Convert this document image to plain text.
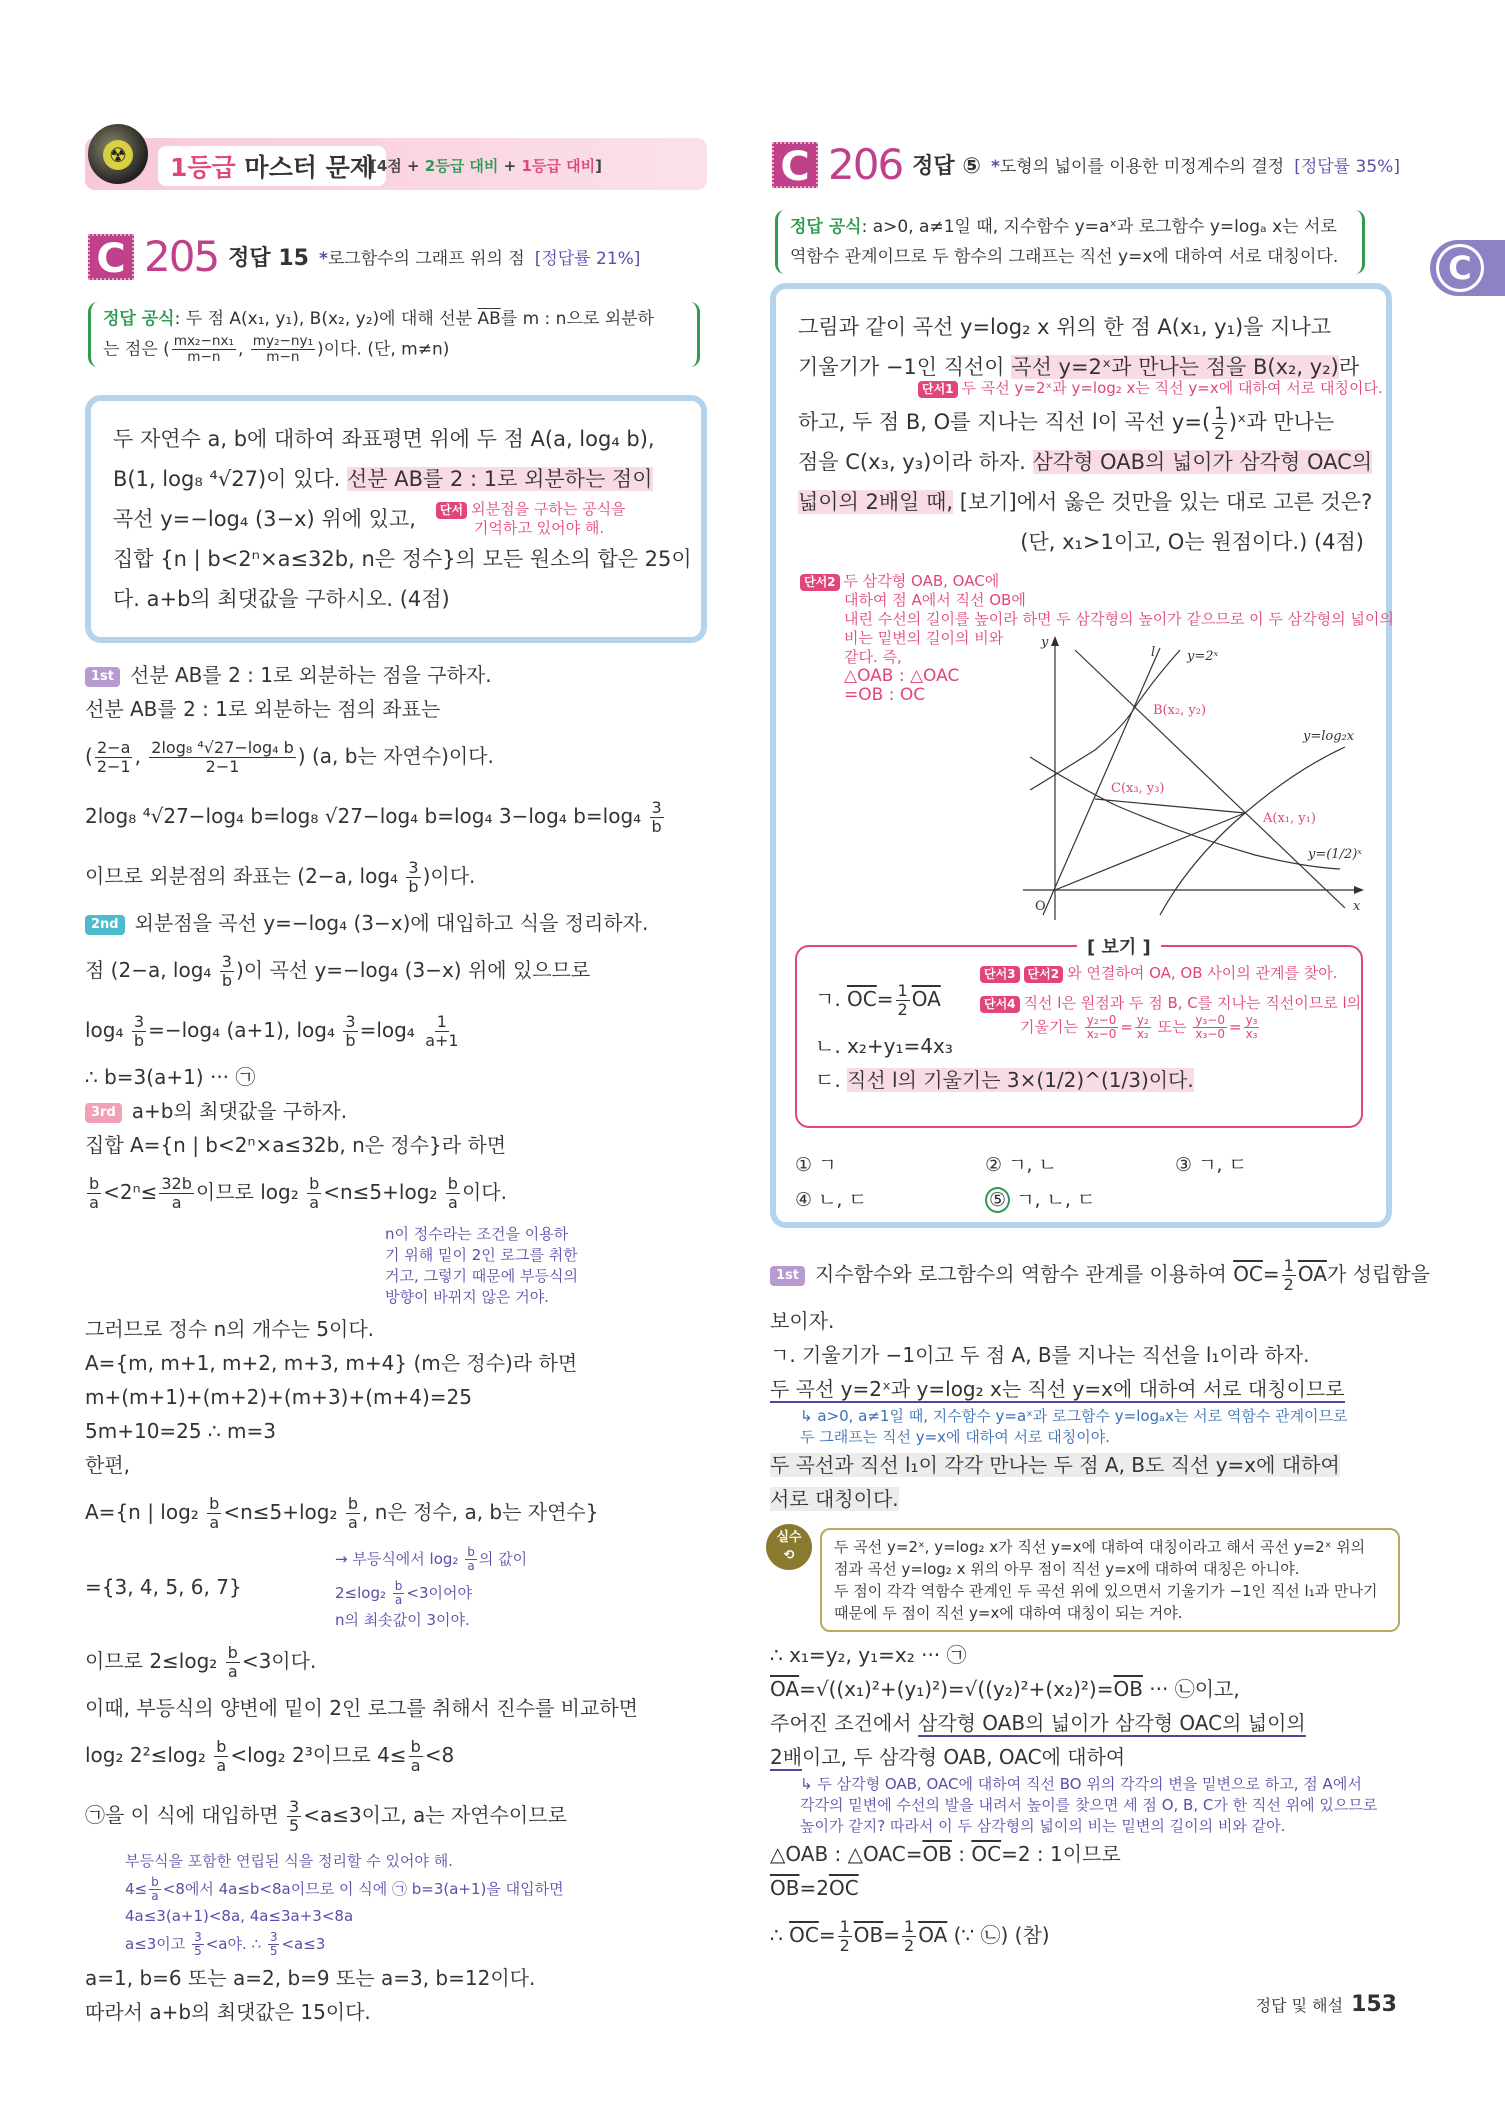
☢	1등급 마스터 문제
[4점 + 2등급 대비 + 1등급 대비]
C 205 정답 15 *로그함수의 그래프 위의 점 [정답률 21%]
정답 공식: 두 점 A(x₁, y₁), B(x₂, y₂)에 대해 선분 $\overline{AB}$를 m : n으로 외분하
는 점은 ( $\frac{\text{mx₂−nx₁}}{m-n}$ , $\frac{\text{my₂−ny₁}}{m-n}$ )이다. (단, m≠n)
두 자연수 a, b에 대하여 좌표평면 위에 두 점 A(a, log₄ b),
B(1, log₈ ⁴√27)이 있다. 선분 AB를 2 : 1로 외분하는 점이
곡선 y=−log₄ (3−x) 위에 있고,	단서 외분점을 구하는 공식을
기억하고 있어야 해.
집합 {n | b<2ⁿ×a≤32b, n은 정수}의 모든 원소의 합은 25이
다. a+b의 최댓값을 구하시오. (4점)
1st 선분 AB를 2 : 1로 외분하는 점을 구하자.
선분 AB를 2 : 1로 외분하는 점의 좌표는
( $\frac{2-a}{2-1}$ , $\frac{\text{2log₈ ⁴√27−log₄ b}}{2-1}$ ) (a, b는 자연수)이다.
2log₈ ⁴√27−log₄ b=log₈ √27−log₄ b=log₄ 3−log₄ $b=\log_4 \frac{3}{b}$
이므로 외분점의 좌표는 (2−a, $\log_4 \frac{3}{b}$ )이다.
2nd 외분점을 곡선 y=−log₄ (3−x)에 대입하고 식을 정리하자.
점 (2−a, $\log_4 \frac{3}{b}$ )이 곡선 y=−log₄ (3−x) 위에 있으므로
$\log_4 \frac{3}{b} =-\log_4$ (a+1), $\log_4 \frac{3}{b} =\log_4 \frac{1}{a+1}$
∴ b=3(a+1) ··· ㉠
3rd a+b의 최댓값을 구하자.
집합 A={n | b<2ⁿ×a≤32b, n은 정수}라 하면
$\frac{b}{a} <2^n\le \frac{32b}{a}$ 이므로 $\log_2 \frac{b}{a} <n\le 5+\log_2 \frac{b}{a}$ 이다.
n이 정수라는 조건을 이용하
기 위해 밑이 2인 로그를 취한
거고, 그렇기 때문에 부등식의
방향이 바뀌지 않은 거야.
그러므로 정수 n의 개수는 5이다.
A={m, m+1, m+2, m+3, m+4} (m은 정수)라 하면
m+(m+1)+(m+2)+(m+3)+(m+4)=25
5m+10=25 ∴ m=3
한편,
A={n | $\log_2 \frac{b}{a} <n\le 5+\log_2 \frac{b}{a}$ , n은 정수, a, b는 자연수}
={3, 4, 5, 6, 7}
→ 부등식에서 $\log_2 \frac{b}{a}$ 의 값이
$2\le\log_2 \frac{b}{a} <3$이어야
n의 최솟값이 3이야.
이므로 $2\le\log_2 \frac{b}{a} <3$이다.
이때, 부등식의 양변에 밑이 2인 로그를 취해서 진수를 비교하면
log₂ $2^2\le\log_2 \frac{b}{a} <\log_2$ 2³이므로 $4\le \frac{b}{a} <8$
㉠을 이 식에 대입하면 $\frac{3}{5} <a\le 3$이고, a는 자연수이므로
부등식을 포함한 연립된 식을 정리할 수 있어야 해.
$4\le \frac{b}{a} <8$에서 4a≤b<8a이므로 이 식에 ㉠ b=3(a+1)을 대입하면
4a≤3(a+1)<8a, 4a≤3a+3<8a
a≤3이고 $\frac{3}{5} <a$야. ∴ $\frac{3}{5} <a\le 3$
a=1, b=6 또는 a=2, b=9 또는 a=3, b=12이다.
따라서 a+b의 최댓값은 15이다.
C 206 정답 ⑤ *도형의 넓이를 이용한 미정계수의 결정 [정답률 35%]
정답 공식: a>0, a≠1일 때, 지수함수 y=aˣ과 로그함수 y=logₐ x는 서로
역함수 관계이므로 두 함수의 그래프는 직선 y=x에 대하여 서로 대칭이다.
그림과 같이 곡선 y=log₂ x 위의 한 점 A(x₁, y₁)을 지나고
기울기가 −1인 직선이 곡선 y=2ˣ과 만나는 점을 B(x₂, y₂)라
단서1 두 곡선 y=2ˣ과 y=log₂ x는 직선 y=x에 대하여 서로 대칭이다.
하고, 두 점 B, O를 지나는 직선 l이 곡선 $y=( \frac{1}{2}$ )ˣ과 만나는
점을 C(x₃, y₃)이라 하자. 삼각형 OAB의 넓이가 삼각형 OAC의
넓이의 2배일 때, [보기]에서 옳은 것만을 있는 대로 고른 것은?
(단, x₁>1이고, O는 원점이다.) (4점)
단서2 두 삼각형 OAB, OAC에
대하여 점 A에서 직선 OB에
내린 수선의 길이를 높이라 하면 두 삼각형의 높이가 같으므로 이 두 삼각형의 넓이의
비는 밑변의 길이의 비와
같다. 즉,
△OAB : △OAC
=OB : OC
y
x
O
l y=2ˣ
y=log₂x
y=(1/2)ˣ
B(x₂, y₂)
C(x₃, y₃)
A(x₁, y₁)
[ 보기 ]
ㄱ. $\overline{OC}= \frac{1}{2} \overline{OA}$
ㄴ. x₂+y₁=4x₃
ㄷ. 직선 l의 기울기는 3×(1/2)^(1/3)이다.
단서3 단서2 와 연결하여 OA, OB 사이의 관계를 찾아.
단서4 직선 l은 원점과 두 점 B, C를 지나는 직선이므로 l의
기울기는 $\frac{\text{y₂−0}}{\text{x₂−0}} = \frac{\text{y₂}}{\text{x₂}}$ 또는 $\frac{\text{y₃−0}}{\text{x₃−0}} = \frac{\text{y₃}}{\text{x₃}}$
① ㄱ	② ㄱ, ㄴ	③ ㄱ, ㄷ
④ ㄴ, ㄷ	⑤ ㄱ, ㄴ, ㄷ
1st 지수함수와 로그함수의 역함수 관계를 이용하여 $\overline{OC}= \frac{1}{2} \overline{OA}$가 성립함을
보이자.
ㄱ. 기울기가 −1이고 두 점 A, B를 지나는 직선을 l₁이라 하자.
두 곡선 y=2ˣ과 y=log₂ x는 직선 y=x에 대하여 서로 대칭이므로
↳ a>0, a≠1일 때, 지수함수 y=aˣ과 로그함수 y=logₐx는 서로 역함수 관계이므로
두 그래프는 직선 y=x에 대하여 서로 대칭이야.
두 곡선과 직선 l₁이 각각 만나는 두 점 A, B도 직선 y=x에 대하여
서로 대칭이다.
실수
⟲	두 곡선 y=2ˣ, y=log₂ x가 직선 y=x에 대하여 대칭이라고 해서 곡선 y=2ˣ 위의
점과 곡선 y=log₂ x 위의 아무 점이 직선 y=x에 대하여 대칭은 아니야.
두 점이 각각 역함수 관계인 두 곡선 위에 있으면서 기울기가 −1인 직선 l₁과 만나기
때문에 두 점이 직선 y=x에 대하여 대칭이 되는 거야.
∴ x₁=y₂, y₁=x₂ ··· ㉠
$\overline{OA}=√((x_1)^2+(y_1)^2)=√((y_2)^2+(x_2)^2)=\overline{OB}$ ··· ㉡이고,
주어진 조건에서 삼각형 OAB의 넓이가 삼각형 OAC의 넓이의
2배이고, 두 삼각형 OAB, OAC에 대하여
↳ 두 삼각형 OAB, OAC에 대하여 직선 BO 위의 각각의 변을 밑변으로 하고, 점 A에서
각각의 밑변에 수선의 발을 내려서 높이를 찾으면 세 점 O, B, C가 한 직선 위에 있으므로
높이가 같지? 따라서 이 두 삼각형의 넓이의 비는 밑변의 길이의 비와 같아.
△OAB : $\triangle OAC=\overline{OB}$ : $\overline{OC}=2$ : 1이므로
$\overline{OB}=2\overline{OC}$
∴ $\overline{OC}= \frac{1}{2} \overline{OB}= \frac{1}{2} \overline{OA}$ (∵ ㉡) (참)
정답 및 해설 153
C
